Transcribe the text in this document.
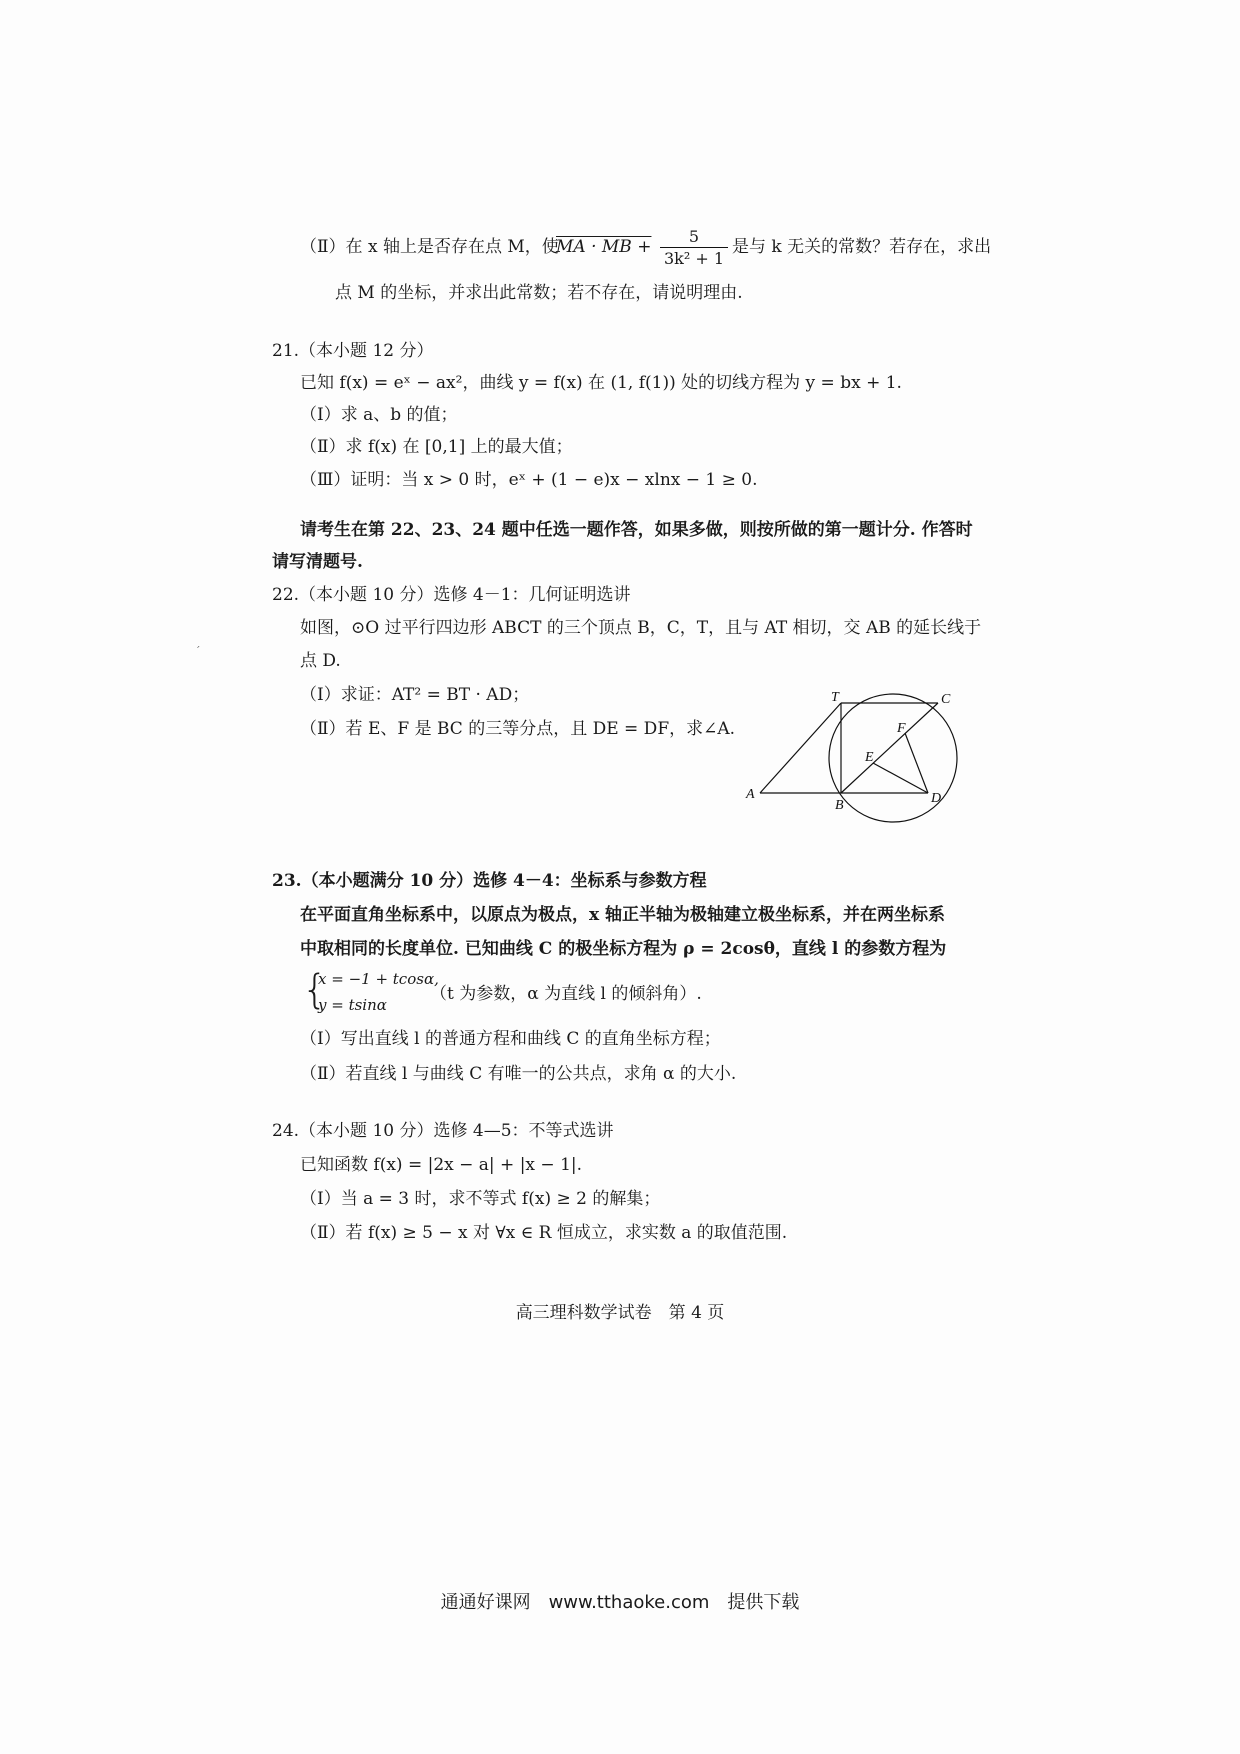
（Ⅱ）在 x 轴上是否存在点 M，使
MA · MB + $\frac{5}{\text{3k² + 1}}$ 是与 k 无关的常数？若存在，求出
点 M 的坐标，并求出此常数；若不存在，请说明理由.
21.（本小题 12 分）
已知 f(x) = eˣ − ax²，曲线 y = f(x) 在 (1, f(1)) 处的切线方程为 y = bx + 1.
（Ⅰ）求 a、b 的值；
（Ⅱ）求 f(x) 在 [0,1] 上的最大值；
（Ⅲ）证明：当 x > 0 时，eˣ + (1 − e)x − xlnx − 1 ≥ 0.
请考生在第 22、23、24 题中任选一题作答，如果多做，则按所做的第一题计分. 作答时
请写清题号.
22.（本小题 10 分）选修 4－1：几何证明选讲
如图，⊙O 过平行四边形 ABCT 的三个顶点 B，C，T，且与 AT 相切，交 AB 的延长线于
ˊ	点 D.
（Ⅰ）求证：AT² = BT · AD；
（Ⅱ）若 E、F 是 BC 的三等分点，且 DE = DF，求∠A.
T	C
F
E
A
B	D
23.（本小题满分 10 分）选修 4－4：坐标系与参数方程
在平面直角坐标系中，以原点为极点，x 轴正半轴为极轴建立极坐标系，并在两坐标系
中取相同的长度单位. 已知曲线 C 的极坐标方程为 ρ = 2cosθ，直线 l 的参数方程为
{
x = −1 + tcosα,
y = tsinα
（t 为参数，α 为直线 l 的倾斜角）.
（Ⅰ）写出直线 l 的普通方程和曲线 C 的直角坐标方程；
（Ⅱ）若直线 l 与曲线 C 有唯一的公共点，求角 α 的大小.
24.（本小题 10 分）选修 4—5：不等式选讲
已知函数 f(x) = |2x − a| + |x − 1|.
（Ⅰ）当 a = 3 时，求不等式 f(x) ≥ 2 的解集；
（Ⅱ）若 f(x) ≥ 5 − x 对 ∀x ∈ R 恒成立，求实数 a 的取值范围.
高三理科数学试卷　第 4 页
通通好课网　www.tthaoke.com　提供下载
